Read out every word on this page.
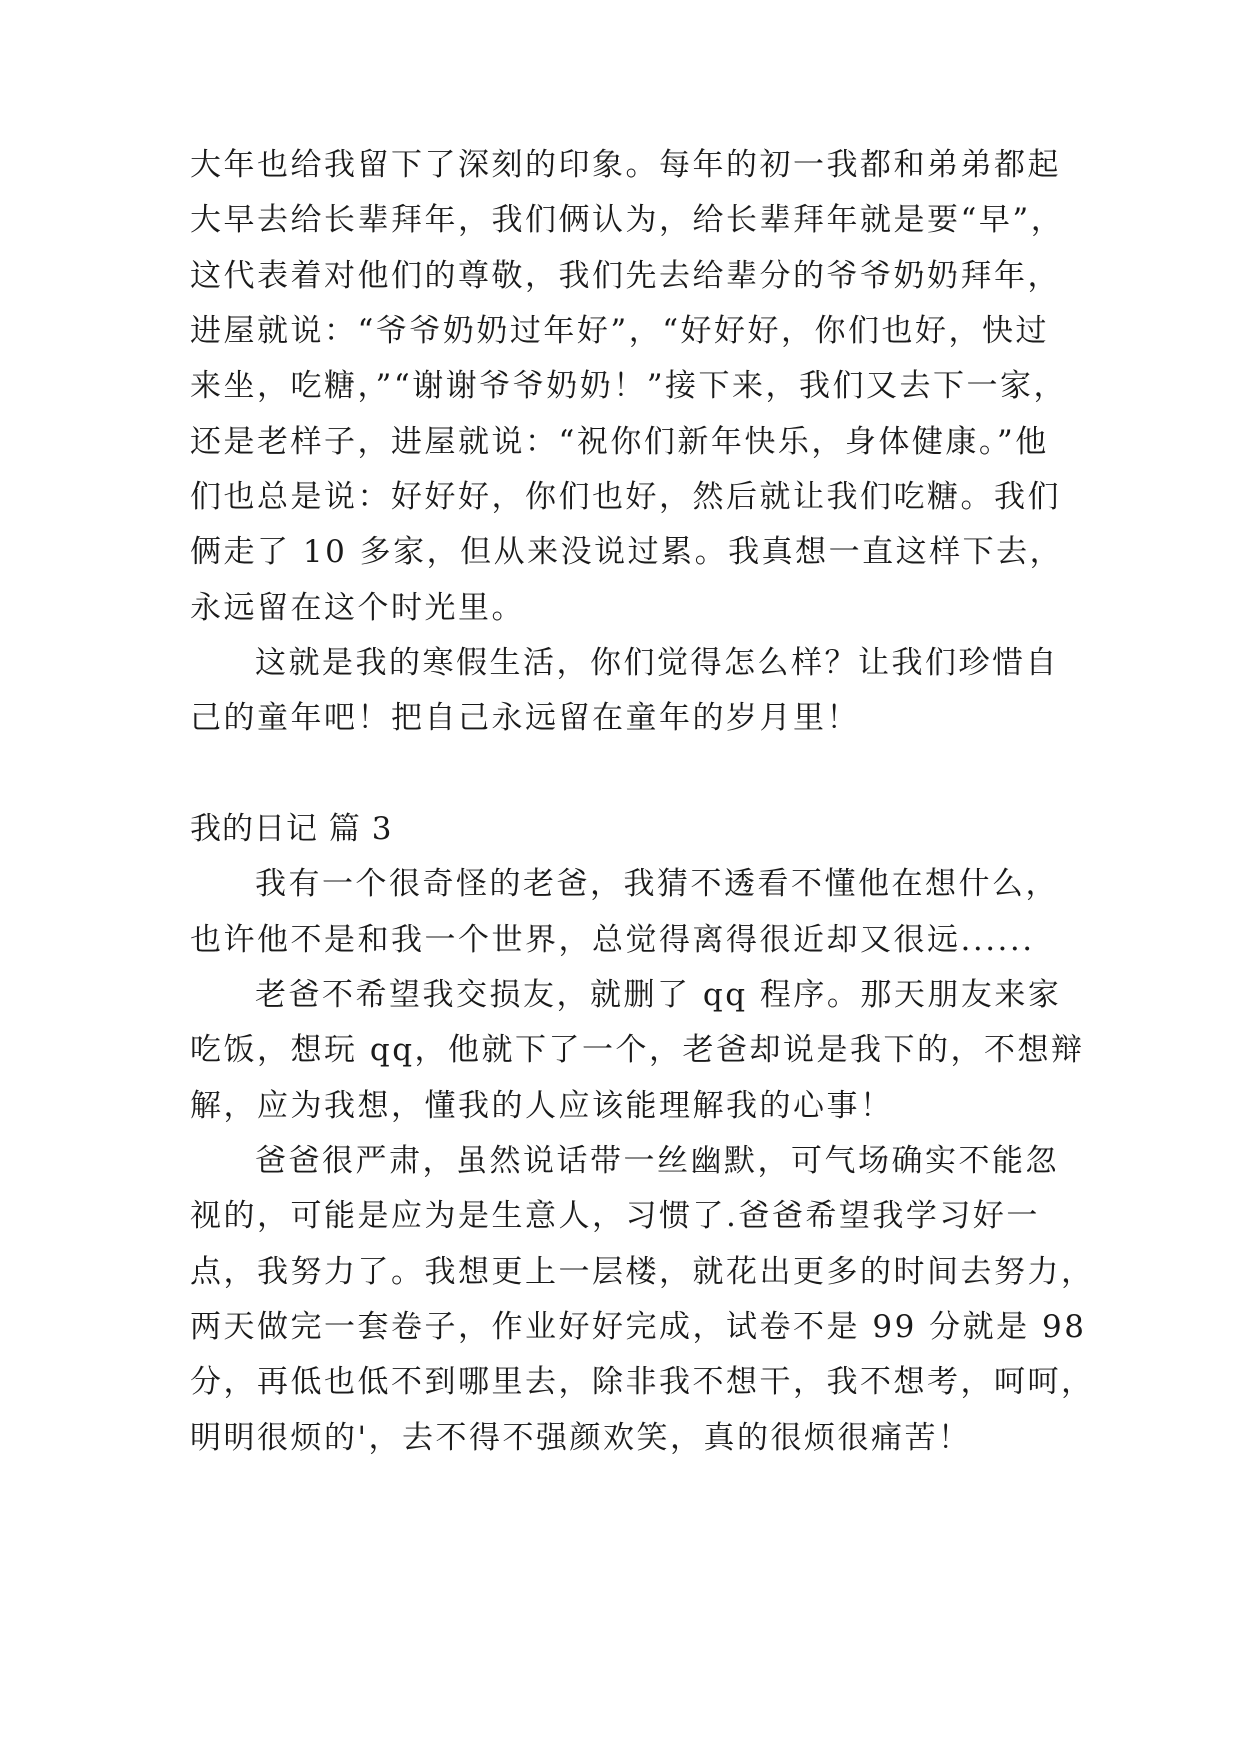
大年也给我留下了深刻的印象。每年的初一我都和弟弟都起
大早去给长辈拜年，我们俩认为，给长辈拜年就是要“早”，
这代表着对他们的尊敬，我们先去给辈分的爷爷奶奶拜年，
进屋就说：“爷爷奶奶过年好”，“好好好，你们也好，快过
来坐，吃糖，”“谢谢爷爷奶奶！”接下来，我们又去下一家，
还是老样子，进屋就说：“祝你们新年快乐，身体健康。”他
们也总是说：好好好，你们也好，然后就让我们吃糖。我们
俩走了 10 多家，但从来没说过累。我真想一直这样下去，
永远留在这个时光里。
这就是我的寒假生活，你们觉得怎么样？让我们珍惜自
己的童年吧！把自己永远留在童年的岁月里！
我的日记 篇 3
我有一个很奇怪的老爸，我猜不透看不懂他在想什么，
也许他不是和我一个世界，总觉得离得很近却又很远......
老爸不希望我交损友，就删了 qq 程序。那天朋友来家
吃饭，想玩 qq，他就下了一个，老爸却说是我下的，不想辩
解，应为我想，懂我的人应该能理解我的心事！
爸爸很严肃，虽然说话带一丝幽默，可气场确实不能忽
视的，可能是应为是生意人，习惯了.爸爸希望我学习好一
点，我努力了。我想更上一层楼，就花出更多的时间去努力，
两天做完一套卷子，作业好好完成，试卷不是 99 分就是 98
分，再低也低不到哪里去，除非我不想干，我不想考，呵呵，
明明很烦的'，去不得不强颜欢笑，真的很烦很痛苦！
